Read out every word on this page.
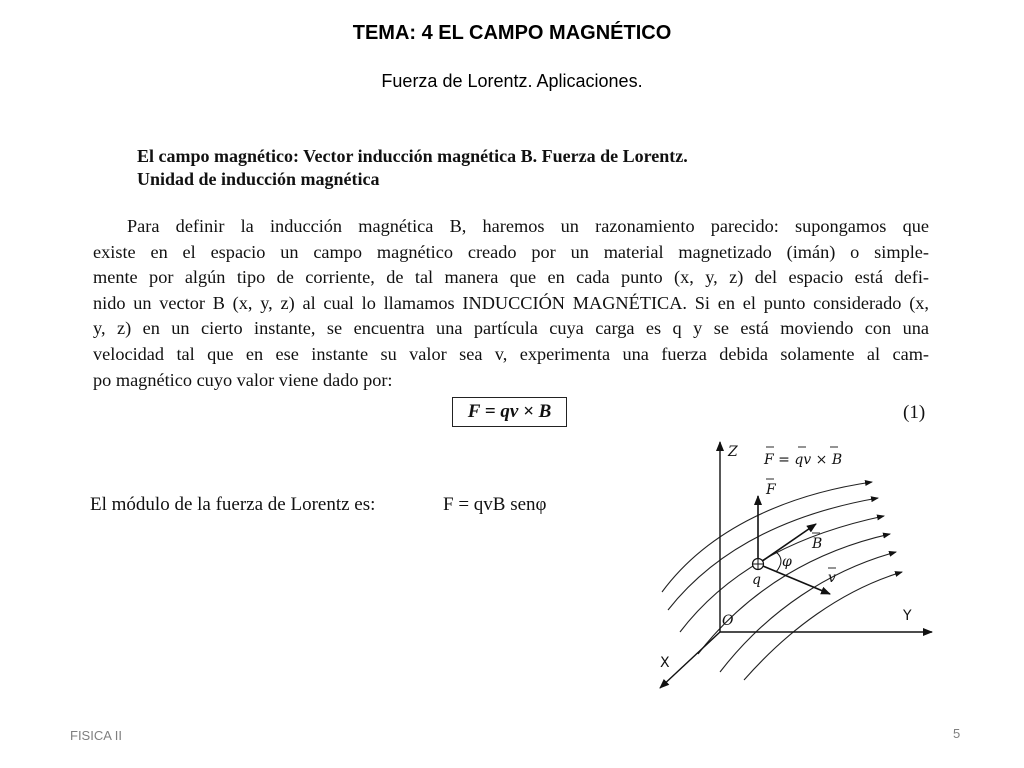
TEMA: 4 EL CAMPO MAGNÉTICO
Fuerza de Lorentz. Aplicaciones.
El campo magnético: Vector inducción magnética B. Fuerza de Lorentz.
Unidad de inducción magnética
Para definir la inducción magnética B, haremos un razonamiento parecido: supongamos que
existe en el espacio un campo magnético creado por un material magnetizado (imán) o simple-
mente por algún tipo de corriente, de tal manera que en cada punto (x, y, z) del espacio está defi-
nido un vector B (x, y, z) al cual lo llamamos INDUCCIÓN MAGNÉTICA. Si en el punto considerado (x,
y, z) en un cierto instante, se encuentra una partícula cuya carga es q y se está moviendo con una
velocidad tal que en ese instante su valor sea v, experimenta una fuerza debida solamente al cam-
po magnético cuyo valor viene dado por:
F = qv × B	(1)
El módulo de la fuerza de Lorentz es:	F = qvB senφ
Z
Y
X
O
F = qv × B
F
B
v
φ
q
FISICA II	5
